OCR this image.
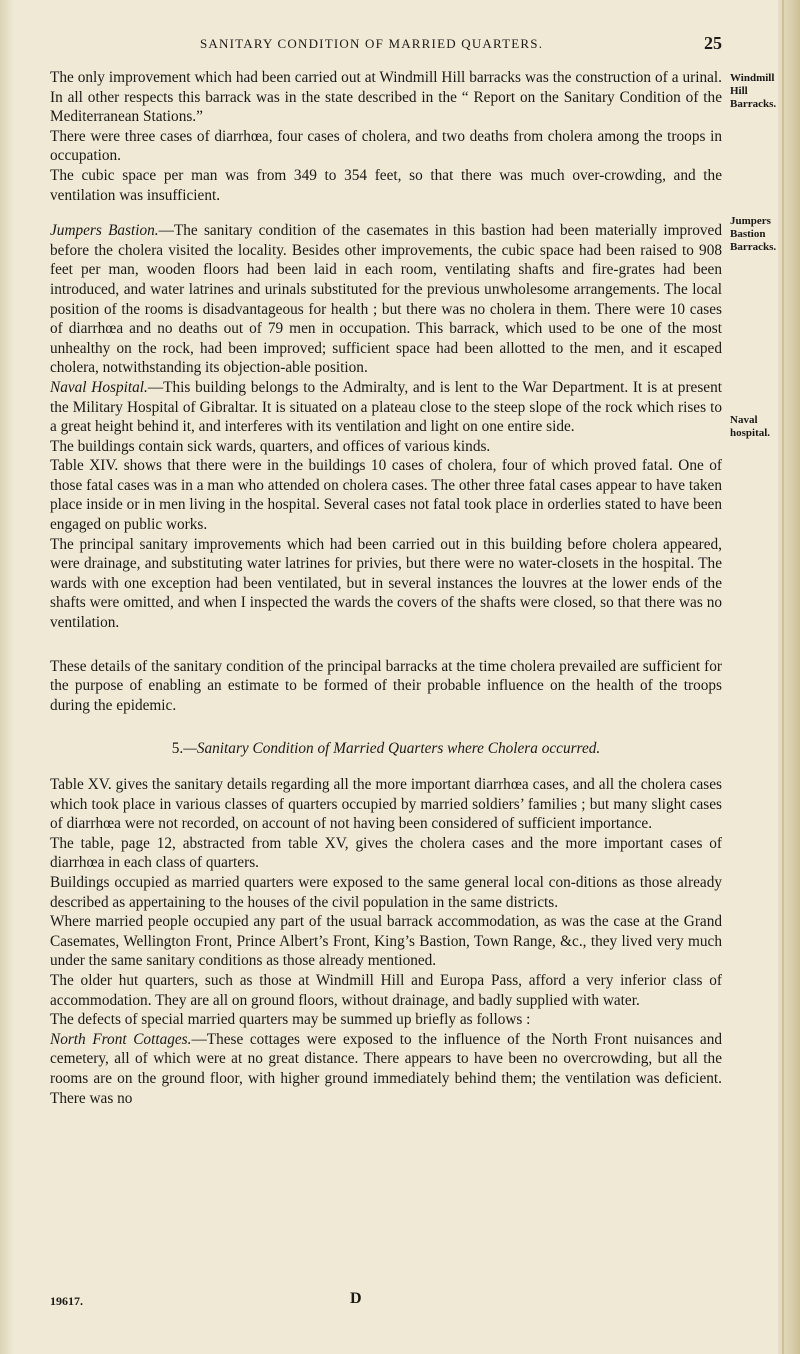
SANITARY CONDITION OF MARRIED QUARTERS.	25
Windmill Hill Barracks.
Jumpers Bastion Barracks.
Naval hospital.

The only improvement which had been carried out at Windmill Hill barracks was the construction of a urinal. In all other respects this barrack was in the state described in the “ Report on the Sanitary Condition of the Mediterranean Stations.”

There were three cases of diarrhœa, four cases of cholera, and two deaths from cholera among the troops in occupation.

The cubic space per man was from 349 to 354 feet, so that there was much over-crowding, and the ventilation was insufficient.

Jumpers Bastion.—The sanitary condition of the casemates in this bastion had been materially improved before the cholera visited the locality. Besides other improvements, the cubic space had been raised to 908 feet per man, wooden floors had been laid in each room, ventilating shafts and fire-grates had been introduced, and water latrines and urinals substituted for the previous unwholesome arrangements. The local position of the rooms is disadvantageous for health ; but there was no cholera in them. There were 10 cases of diarrhœa and no deaths out of 79 men in occupation. This barrack, which used to be one of the most unhealthy on the rock, had been improved; sufficient space had been allotted to the men, and it escaped cholera, notwithstanding its objection-able position.

Naval Hospital.—This building belongs to the Admiralty, and is lent to the War Department. It is at present the Military Hospital of Gibraltar. It is situated on a plateau close to the steep slope of the rock which rises to a great height behind it, and interferes with its ventilation and light on one entire side.

The buildings contain sick wards, quarters, and offices of various kinds.

Table XIV. shows that there were in the buildings 10 cases of cholera, four of which proved fatal. One of those fatal cases was in a man who attended on cholera cases. The other three fatal cases appear to have taken place inside or in men living in the hospital. Several cases not fatal took place in orderlies stated to have been engaged on public works.

The principal sanitary improvements which had been carried out in this building before cholera appeared, were drainage, and substituting water latrines for privies, but there were no water-closets in the hospital. The wards with one exception had been ventilated, but in several instances the louvres at the lower ends of the shafts were omitted, and when I inspected the wards the covers of the shafts were closed, so that there was no ventilation.

These details of the sanitary condition of the principal barracks at the time cholera prevailed are sufficient for the purpose of enabling an estimate to be formed of their probable influence on the health of the troops during the epidemic.

5.—Sanitary Condition of Married Quarters where Cholera occurred.

Table XV. gives the sanitary details regarding all the more important diarrhœa cases, and all the cholera cases which took place in various classes of quarters occupied by married soldiers’ families ; but many slight cases of diarrhœa were not recorded, on account of not having been considered of sufficient importance.

The table, page 12, abstracted from table XV, gives the cholera cases and the more important cases of diarrhœa in each class of quarters.

Buildings occupied as married quarters were exposed to the same general local con-ditions as those already described as appertaining to the houses of the civil population in the same districts.

Where married people occupied any part of the usual barrack accommodation, as was the case at the Grand Casemates, Wellington Front, Prince Albert’s Front, King’s Bastion, Town Range, &c., they lived very much under the same sanitary conditions as those already mentioned.

The older hut quarters, such as those at Windmill Hill and Europa Pass, afford a very inferior class of accommodation. They are all on ground floors, without drainage, and badly supplied with water.

The defects of special married quarters may be summed up briefly as follows :

North Front Cottages.—These cottages were exposed to the influence of the North Front nuisances and cemetery, all of which were at no great distance. There appears to have been no overcrowding, but all the rooms are on the ground floor, with higher ground immediately behind them; the ventilation was deficient. There was no

19617.	D
